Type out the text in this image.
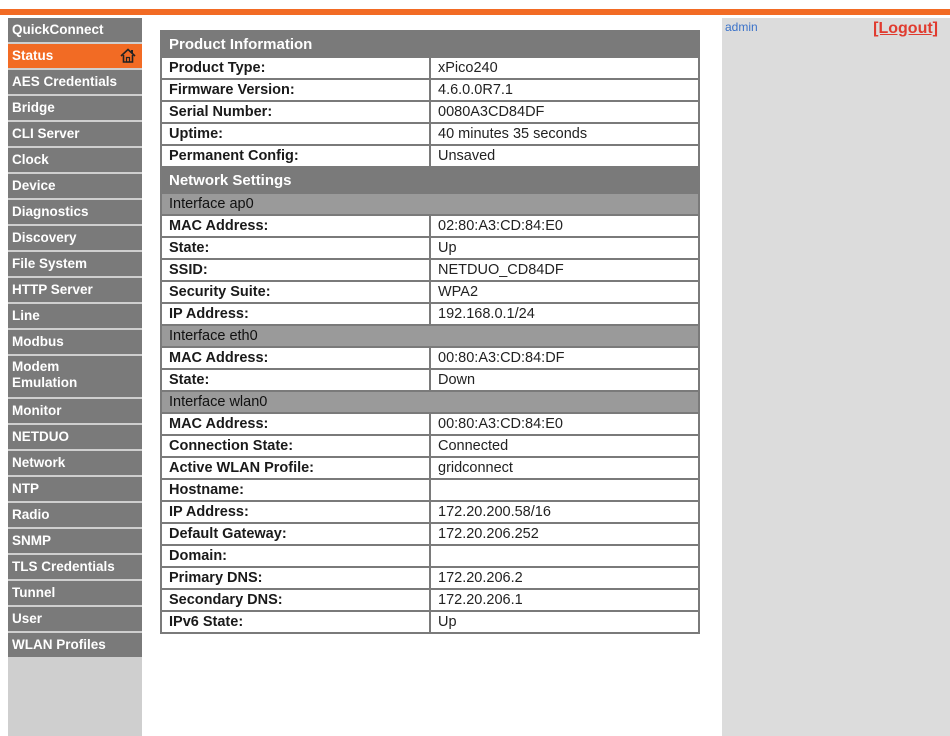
QuickConnect
Status
AES Credentials
Bridge
CLI Server
Clock
Device
Diagnostics
Discovery
File System
HTTP Server
Line
Modbus
Modem
Emulation
Monitor
NETDUO
Network
NTP
Radio
SNMP
TLS Credentials
Tunnel
User
WLAN Profiles
Product Information	
Product Type:	xPico240
Firmware Version:	4.6.0.0R7.1
Serial Number:	0080A3CD84DF
Uptime:	40 minutes 35 seconds
Permanent Config:	Unsaved
Network Settings	
Interface ap0	
MAC Address:	02:80:A3:CD:84:E0
State:	Up
SSID:	NETDUO_CD84DF
Security Suite:	WPA2
IP Address:	192.168.0.1/24
Interface eth0	
MAC Address:	00:80:A3:CD:84:DF
State:	Down
Interface wlan0	
MAC Address:	00:80:A3:CD:84:E0
Connection State:	Connected
Active WLAN Profile:	gridconnect
Hostname:	
IP Address:	172.20.200.58/16
Default Gateway:	172.20.206.252
Domain:	
Primary DNS:	172.20.206.2
Secondary DNS:	172.20.206.1
IPv6 State:	Up
admin	[Logout]
